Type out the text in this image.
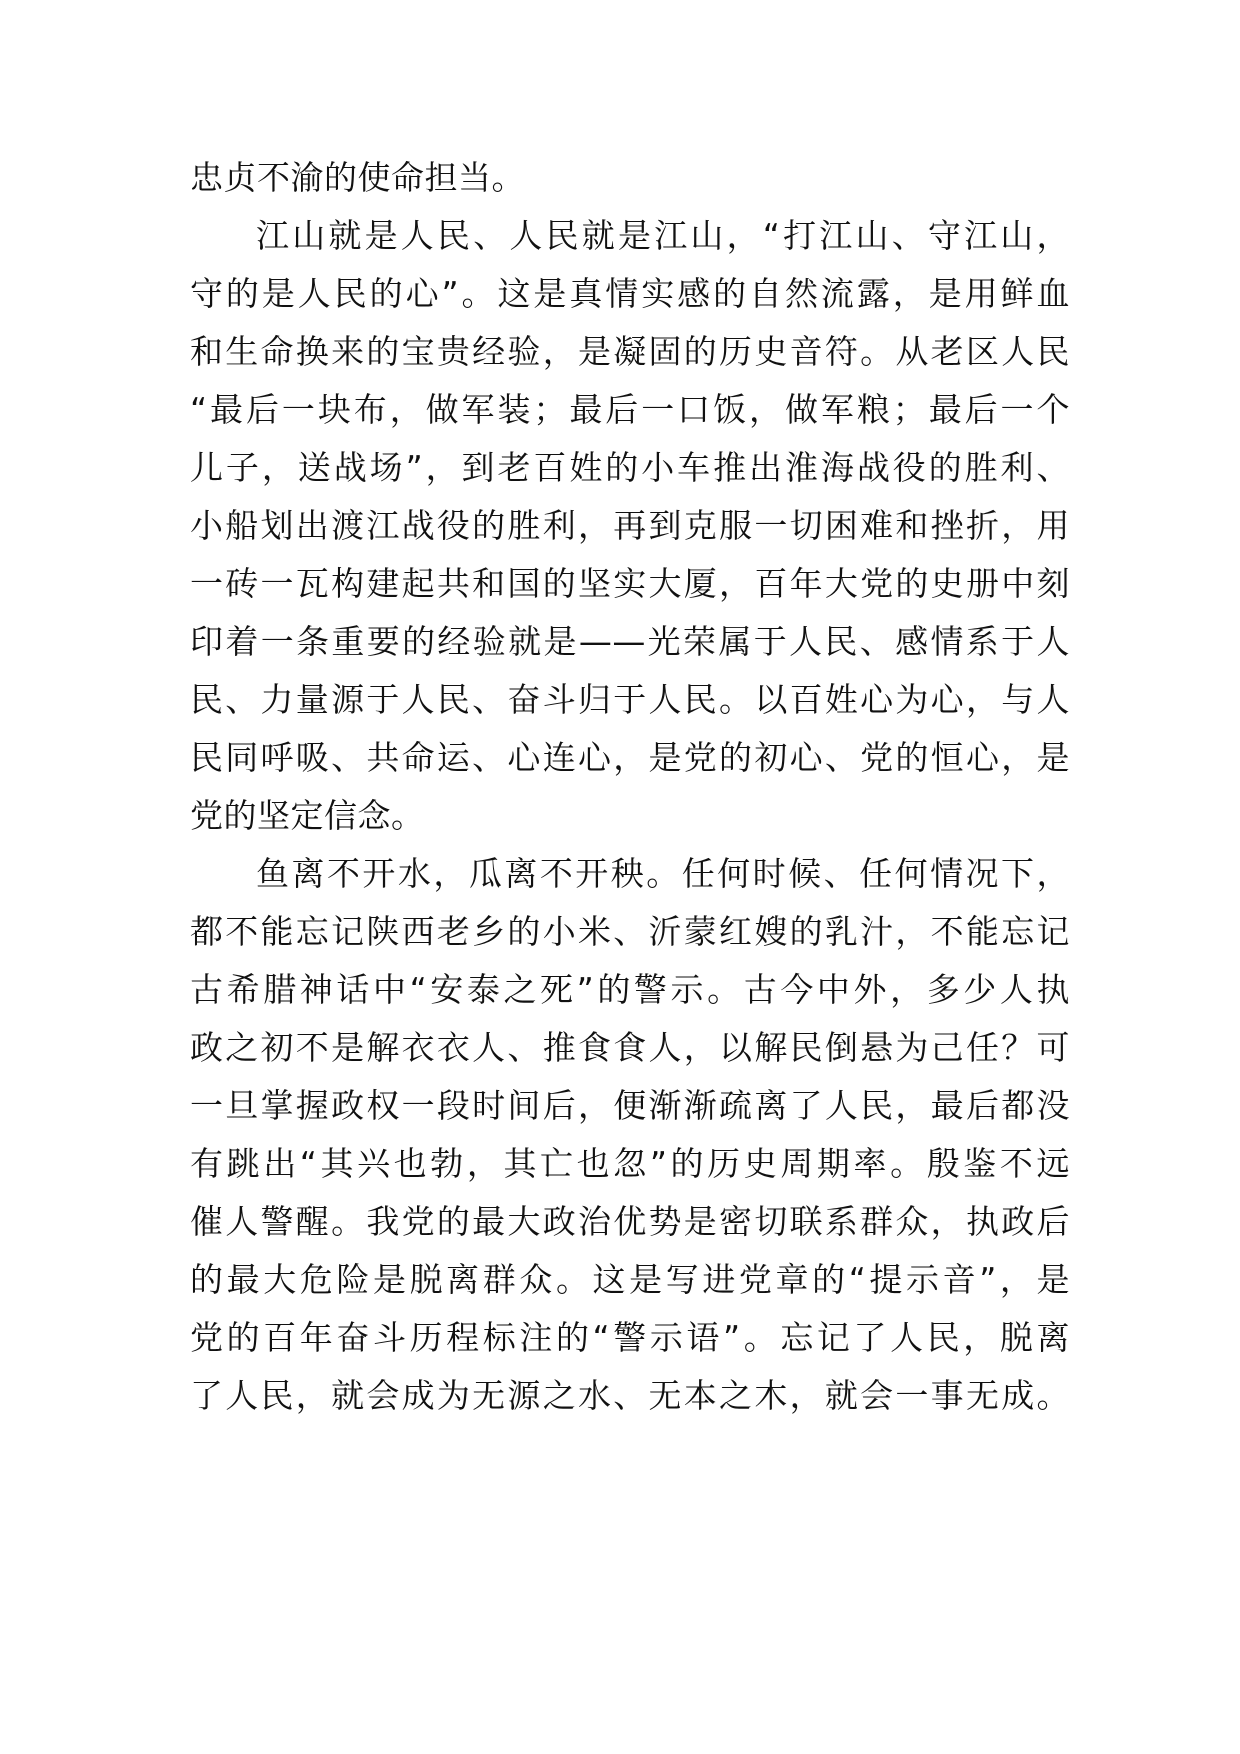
忠贞不渝的使命担当。
江山就是人民、人民就是江山，“打江山、守江山，
守的是人民的心”。这是真情实感的自然流露，是用鲜血
和生命换来的宝贵经验，是凝固的历史音符。从老区人民
“最后一块布，做军装；最后一口饭，做军粮；最后一个
儿子，送战场”，到老百姓的小车推出淮海战役的胜利、
小船划出渡江战役的胜利，再到克服一切困难和挫折，用
一砖一瓦构建起共和国的坚实大厦，百年大党的史册中刻
印着一条重要的经验就是——光荣属于人民、感情系于人
民、力量源于人民、奋斗归于人民。以百姓心为心，与人
民同呼吸、共命运、心连心，是党的初心、党的恒心，是
党的坚定信念。
鱼离不开水，瓜离不开秧。任何时候、任何情况下，
都不能忘记陕西老乡的小米、沂蒙红嫂的乳汁，不能忘记
古希腊神话中“安泰之死”的警示。古今中外，多少人执
政之初不是解衣衣人、推食食人，以解民倒悬为己任？可
一旦掌握政权一段时间后，便渐渐疏离了人民，最后都没
有跳出“其兴也勃，其亡也忽”的历史周期率。殷鉴不远
催人警醒。我党的最大政治优势是密切联系群众，执政后
的最大危险是脱离群众。这是写进党章的“提示音”，是
党的百年奋斗历程标注的“警示语”。忘记了人民，脱离
了人民，就会成为无源之水、无本之木，就会一事无成。
